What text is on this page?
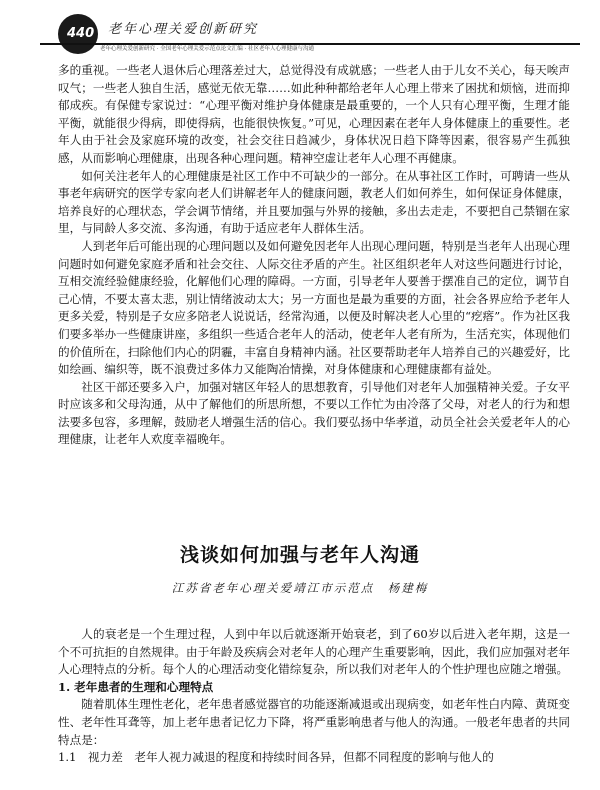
440 老年心理关爱创新研究
老年心理关爱创新研究 · 全国老年心理关爱示范点论文汇编 · 社区老年人心理健康与沟通

多的重视。一些老人退休后心理落差过大，总觉得没有成就感；一些老人由于儿女不关心，每天唉声叹气；一些老人独自生活，感觉无依无靠……如此种种都给老年人心理上带来了困扰和烦恼，进而抑郁成疾。有保健专家说过：“心理平衡对维护身体健康是最重要的，一个人只有心理平衡，生理才能平衡，就能很少得病，即使得病，也能很快恢复。”可见，心理因素在老年人身体健康上的重要性。老年人由于社会及家庭环境的改变，社会交往日趋减少，身体状况日趋下降等因素，很容易产生孤独感，从而影响心理健康，出现各种心理问题。精神空虚让老年人心理不再健康。

如何关注老年人的心理健康是社区工作中不可缺少的一部分。在从事社区工作时，可聘请一些从事老年病研究的医学专家向老人们讲解老年人的健康问题，教老人们如何养生，如何保证身体健康，培养良好的心理状态，学会调节情绪，并且要加强与外界的接触，多出去走走，不要把自己禁锢在家里，与同龄人多交流、多沟通，有助于适应老年人群体生活。

人到老年后可能出现的心理问题以及如何避免因老年人出现心理问题，特别是当老年人出现心理问题时如何避免家庭矛盾和社会交往、人际交往矛盾的产生。社区组织老年人对这些问题进行讨论，互相交流经验健康经验，化解他们心理的障碍。一方面，引导老年人要善于摆准自己的定位，调节自己心情，不要太喜太悲，别让情绪波动太大；另一方面也是最为重要的方面，社会各界应给予老年人更多关爱，特别是子女应多陪老人说说话，经常沟通，以便及时解决老人心里的“疙瘩”。作为社区我们要多举办一些健康讲座，多组织一些适合老年人的活动，使老年人老有所为，生活充实，体现他们的价值所在，扫除他们内心的阴霾，丰富自身精神内涵。社区要帮助老年人培养自己的兴趣爱好，比如绘画、编织等，既不浪费过多体力又能陶冶情操，对身体健康和心理健康都有益处。

社区干部还要多入户，加强对辖区年轻人的思想教育，引导他们对老年人加强精神关爱。子女平时应该多和父母沟通，从中了解他们的所思所想，不要以工作忙为由冷落了父母，对老人的行为和想法要多包容，多理解，鼓励老人增强生活的信心。我们要弘扬中华孝道，动员全社会关爱老年人的心理健康，让老年人欢度幸福晚年。

浅谈如何加强与老年人沟通
江苏省老年心理关爱靖江市示范点　杨建梅

人的衰老是一个生理过程，人到中年以后就逐渐开始衰老，到了60岁以后进入老年期，这是一个不可抗拒的自然规律。由于年龄及疾病会对老年人的心理产生重要影响，因此，我们应加强对老年人心理特点的分析。每个人的心理活动变化错综复杂，所以我们对老年人的个性护理也应随之增强。

1. 老年患者的生理和心理特点

随着肌体生理性老化，老年患者感觉器官的功能逐渐减退或出现病变，如老年性白内障、黄斑变性、老年性耳聋等，加上老年患者记忆力下降，将严重影响患者与他人的沟通。一般老年患者的共同特点是：

1.1　视力差　老年人视力减退的程度和持续时间各异，但都不同程度的影响与他人的
